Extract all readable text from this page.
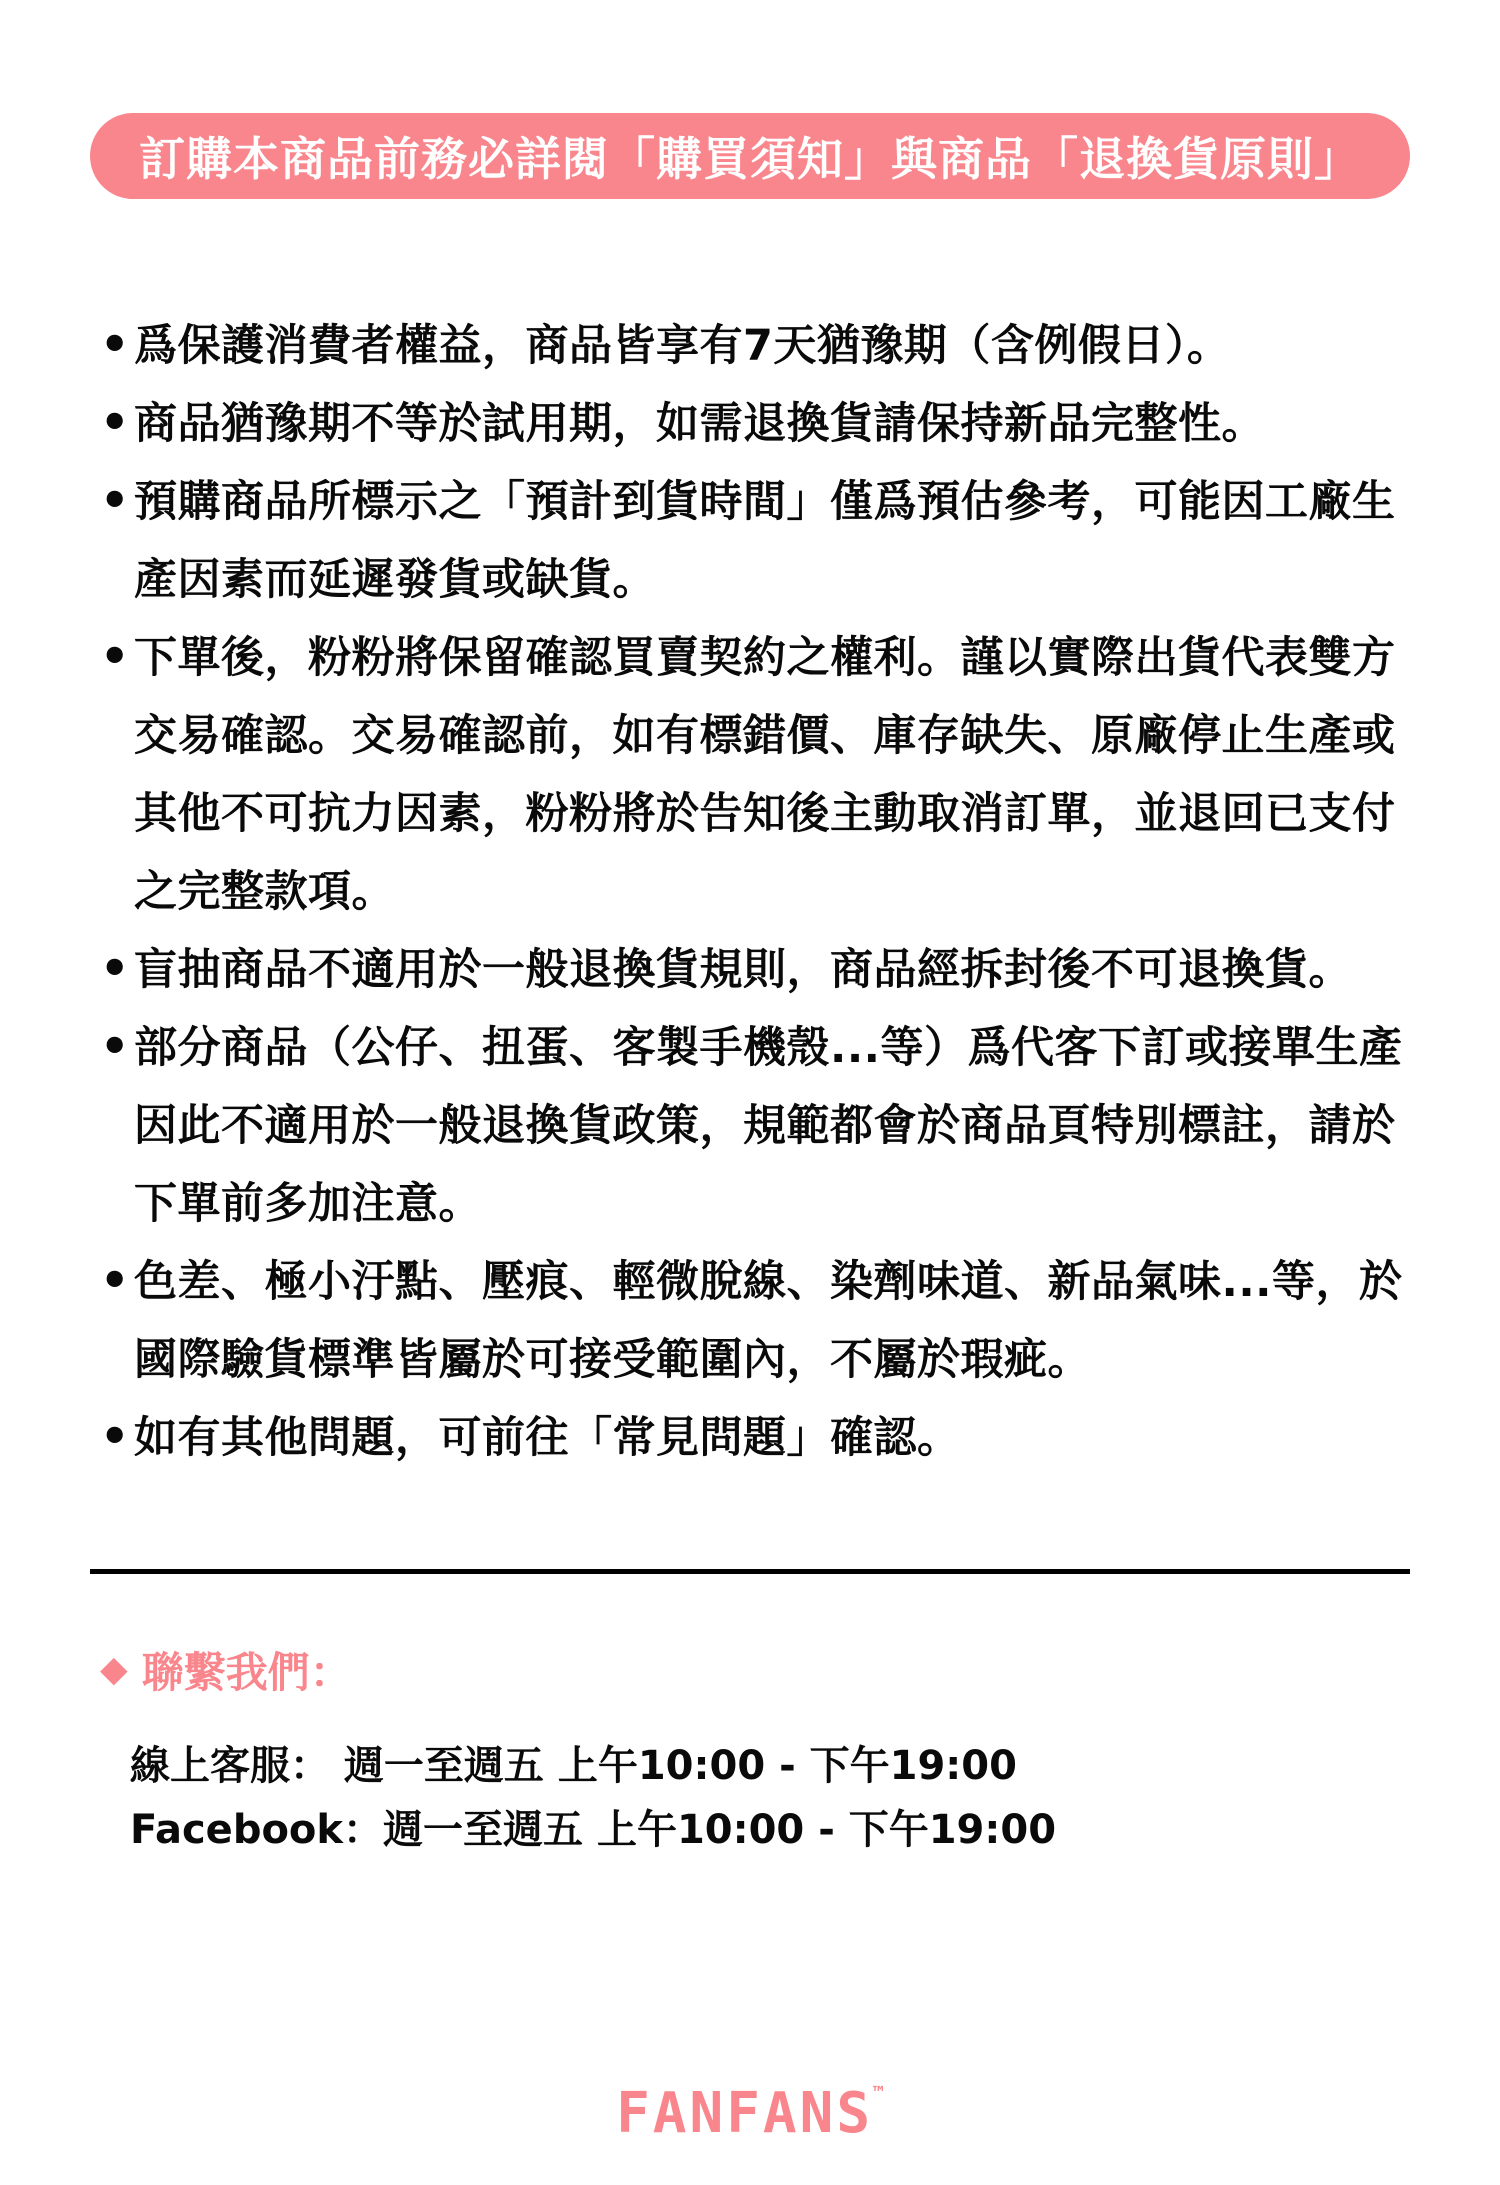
訂購本商品前務必詳閱「購買須知」與商品「退換貨原則」
• 爲保護消費者權益，商品皆享有7天猶豫期（含例假日）。
• 商品猶豫期不等於試用期，如需退換貨請保持新品完整性。
• 預購商品所標示之「預計到貨時間」僅爲預估參考，可能因工廠生產因素而延遲發貨或缺貨。
• 下單後，粉粉將保留確認買賣契約之權利。謹以實際出貨代表雙方交易確認。交易確認前，如有標錯價、庫存缺失、原廠停止生產或其他不可抗力因素，粉粉將於告知後主動取消訂單，並退回已支付之完整款項。
• 盲抽商品不適用於一般退換貨規則，商品經拆封後不可退換貨。
• 部分商品（公仔、扭蛋、客製手機殼...等）爲代客下訂或接單生產因此不適用於一般退換貨政策，規範都會於商品頁特別標註，請於下單前多加注意。
• 色差、極小汙點、壓痕、輕微脫線、染劑味道、新品氣味...等，於國際驗貨標準皆屬於可接受範圍內，不屬於瑕疵。
• 如有其他問題，可前往「常見問題」確認。
◆ 聯繫我們：
線上客服： 週一至週五 上午10:00 - 下午19:00
Facebook：週一至週五 上午10:00 - 下午19:00
FANFANS™
